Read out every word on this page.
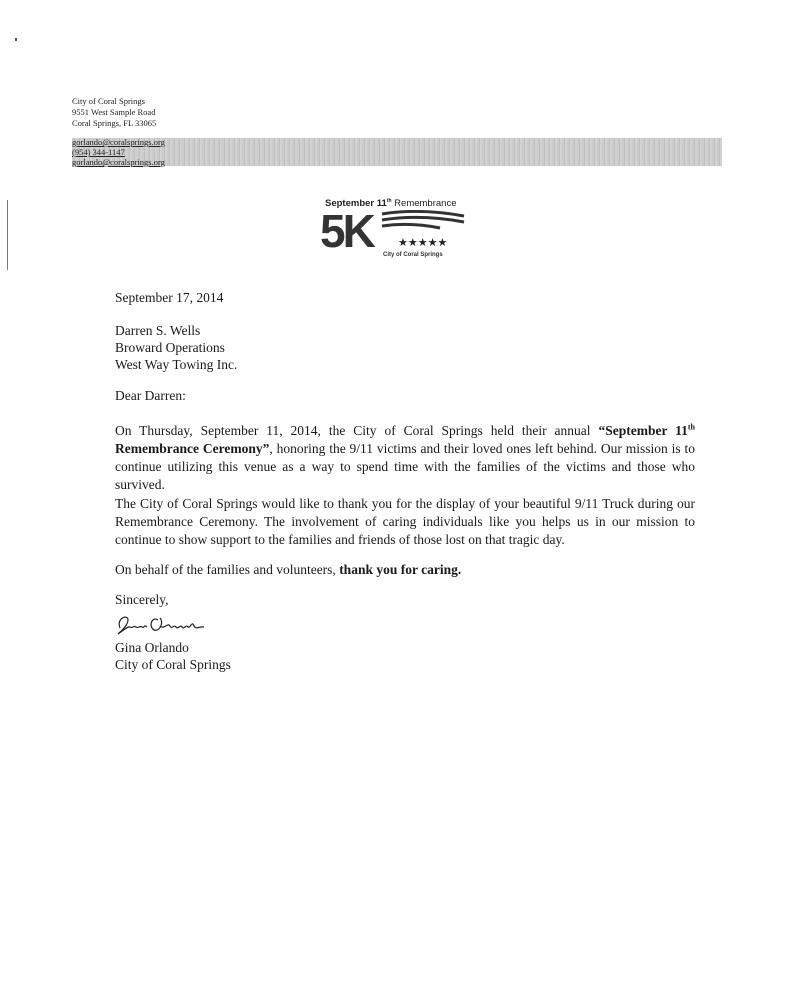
City of Coral Springs
9551 West Sample Road
Coral Springs, FL 33065
gorlando@coralsprings.org
(954) 344-1147
gorlando@coralsprings.org
September 11th Remembrance
5K ★★★★★
City of Coral Springs
September 17, 2014
Darren S. Wells
Broward Operations
West Way Towing Inc.
Dear Darren:
On Thursday, September 11, 2014, the City of Coral Springs held their annual “September 11th Remembrance Ceremony”, honoring the 9/11 victims and their loved ones left behind. Our mission is to continue utilizing this venue as a way to spend time with the families of the victims and those who survived.
The City of Coral Springs would like to thank you for the display of your beautiful 9/11 Truck during our Remembrance Ceremony. The involvement of caring individuals like you helps us in our mission to continue to show support to the families and friends of those lost on that tragic day.
On behalf of the families and volunteers, thank you for caring.
Sincerely,
Gina Orlando
City of Coral Springs
